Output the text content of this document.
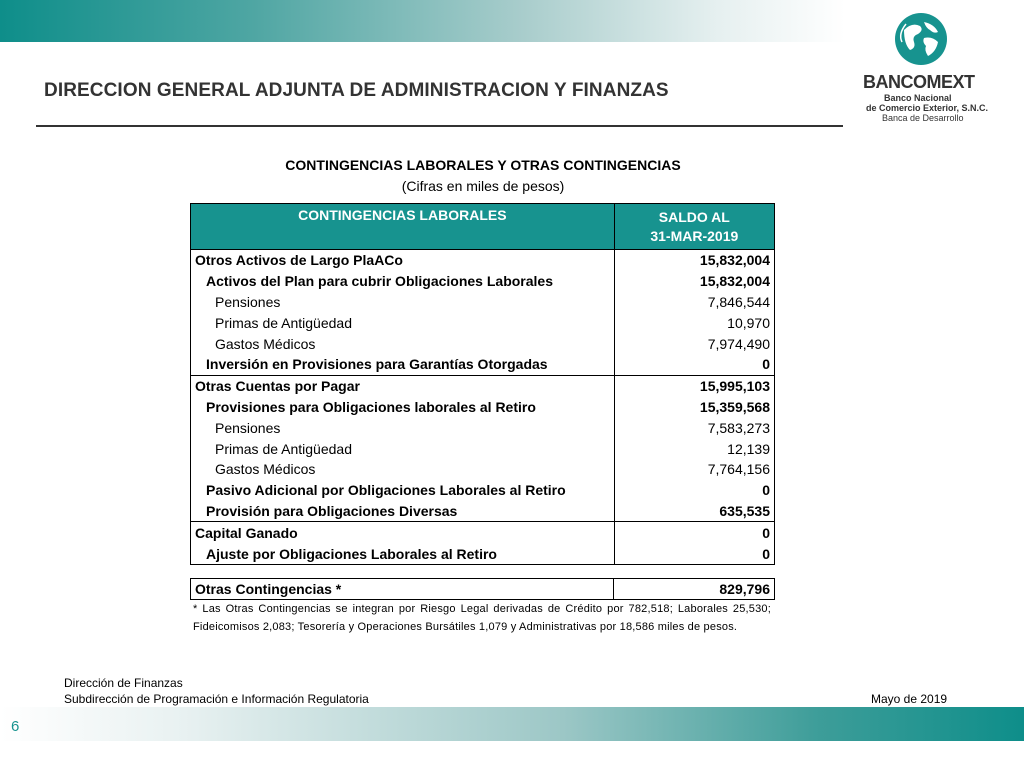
DIRECCION GENERAL ADJUNTA DE ADMINISTRACION Y FINANZAS	BANCOMEXT
Banco Nacional
de Comercio Exterior, S.N.C.
Banca de Desarrollo
CONTINGENCIAS LABORALES Y OTRAS CONTINGENCIAS
(Cifras en miles de pesos)
CONTINGENCIAS LABORALES	SALDO AL
31-MAR-2019

Otros Activos de Largo PlaACo	15,832,004
Activos del Plan para cubrir Obligaciones Laborales	15,832,004
Pensiones	7,846,544
Primas de Antigüedad	10,970
Gastos Médicos	7,974,490
Inversión en Provisiones para Garantías Otorgadas	0
Otras Cuentas por Pagar	15,995,103
Provisiones para Obligaciones laborales al Retiro	15,359,568
Pensiones	7,583,273
Primas de Antigüedad	12,139
Gastos Médicos	7,764,156
Pasivo Adicional por Obligaciones Laborales al Retiro	0
Provisión para Obligaciones Diversas	635,535
Capital Ganado	0
Ajuste por Obligaciones Laborales al Retiro	0
Otras Contingencias *	829,796
* Las Otras Contingencias se integran por Riesgo Legal derivadas de Crédito por 782,518; Laborales 25,530; Fideicomisos 2,083; Tesorería y Operaciones Bursátiles 1,079 y Administrativas por 18,586 miles de pesos.
Dirección de Finanzas
Subdirección de Programación e Información Regulatoria	Mayo de 2019
6
